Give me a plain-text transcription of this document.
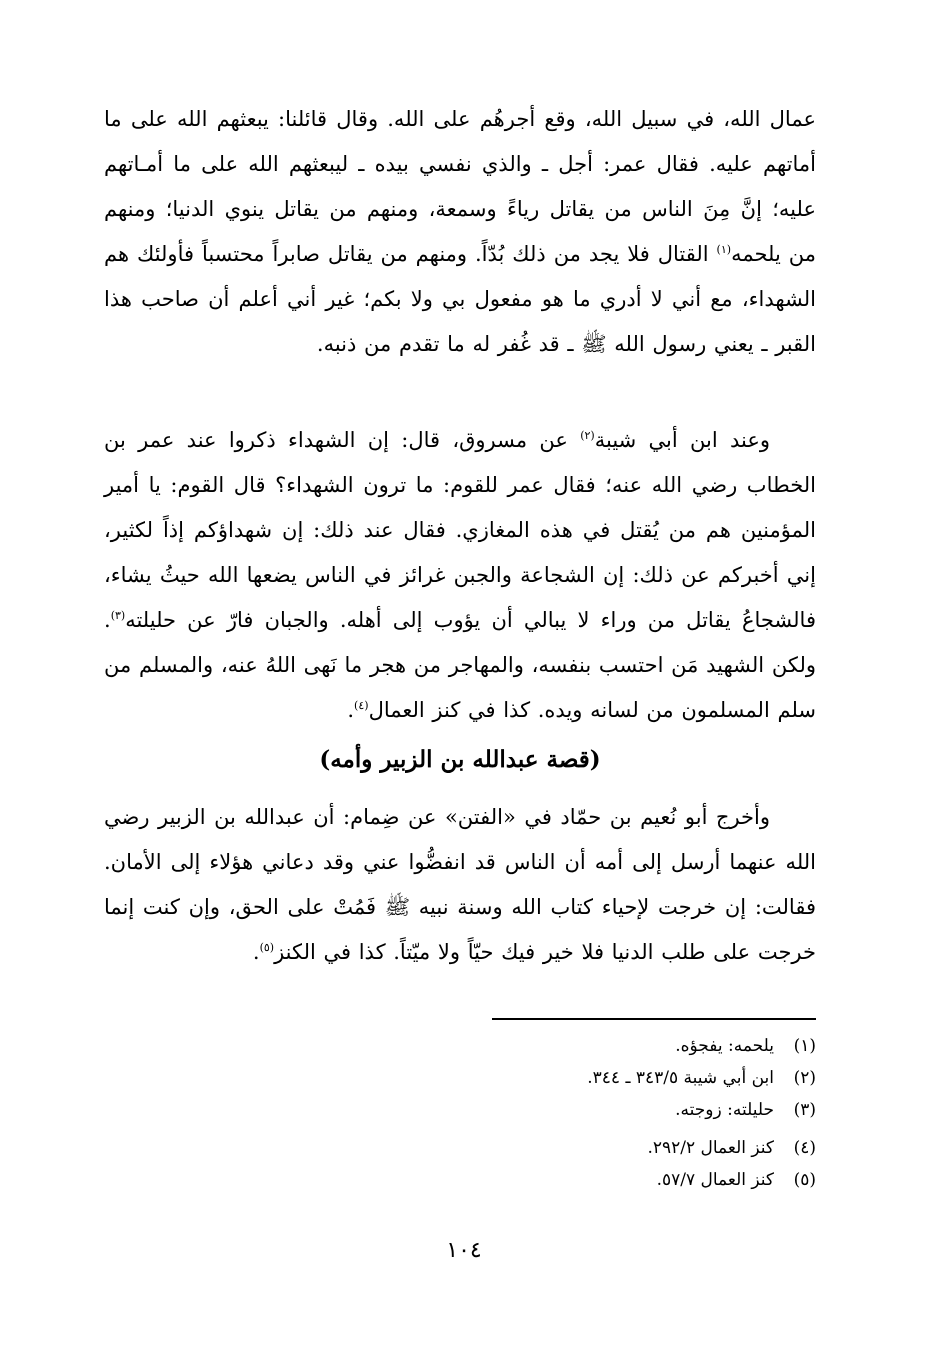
عمال الله، في سبيل الله، وقع أجرهُم على الله. وقال قائلنا: يبعثهم الله على ما أماتهم عليه. فقال عمر: أجل ـ والذي نفسي بيده ـ ليبعثهم الله على ما أمـاتهم عليه؛ إنَّ مِنَ الناس من يقاتل رياءً وسمعة، ومنهم من يقاتل ينوي الدنيا؛ ومنهم من يلحمه$^{(١)}$ القتال فلا يجد من ذلك بُدّاً. ومنهم من يقاتل صابراً محتسباً فأولئك هم الشهداء، مع أني لا أدري ما هو مفعول بي ولا بكم؛ غير أني أعلم أن صاحب هذا القبر ـ يعني رسول الله ﷺ ـ قد غُفر له ما تقدم من ذنبه.
وعند ابن أبي شيبة$^{(٢)}$ عن مسروق، قال: إن الشهداء ذكروا عند عمر بن الخطاب رضي الله عنه؛ فقال عمر للقوم: ما ترون الشهداء؟ قال القوم: يا أمير المؤمنين هم من يُقتل في هذه المغازي. فقال عند ذلك: إن شهداؤكم إذاً لكثير، إني أخبركم عن ذلك: إن الشجاعة والجبن غرائز في الناس يضعها الله حيثُ يشاء، فالشجاعُ يقاتل من وراء لا يبالي أن يؤوب إلى أهله. والجبان فارّ عن حليلته$^{(٣)}$. ولكن الشهيد مَن احتسب بنفسه، والمهاجر من هجر ما نَهى اللهُ عنه، والمسلم من سلم المسلمون من لسانه ويده. كذا في كنز العمال$^{(٤)}$.
(قصة عبدالله بن الزبير وأمه)
وأخرج أبو نُعيم بن حمّاد في «الفتن» عن ضِمام: أن عبدالله بن الزبير رضي الله عنهما أرسل إلى أمه أن الناس قد انفضُّوا عني وقد دعاني هؤلاء إلى الأمان. فقالت: إن خرجت لإحياء كتاب الله وسنة نبيه ﷺ فَمُتْ على الحق، وإن كنت إنما خرجت على طلب الدنيا فلا خير فيك حيّاً ولا ميّتاً. كذا في الكنز$^{(٥)}$.
(١)يلحمه: يفجؤه.
(٢)ابن أبي شيبة ٣٤٣/٥ ـ ٣٤٤.
(٣)حليلته: زوجته.
(٤)كنز العمال ٢٩٢/٢.
(٥)كنز العمال ٥٧/٧.
١٠٤
